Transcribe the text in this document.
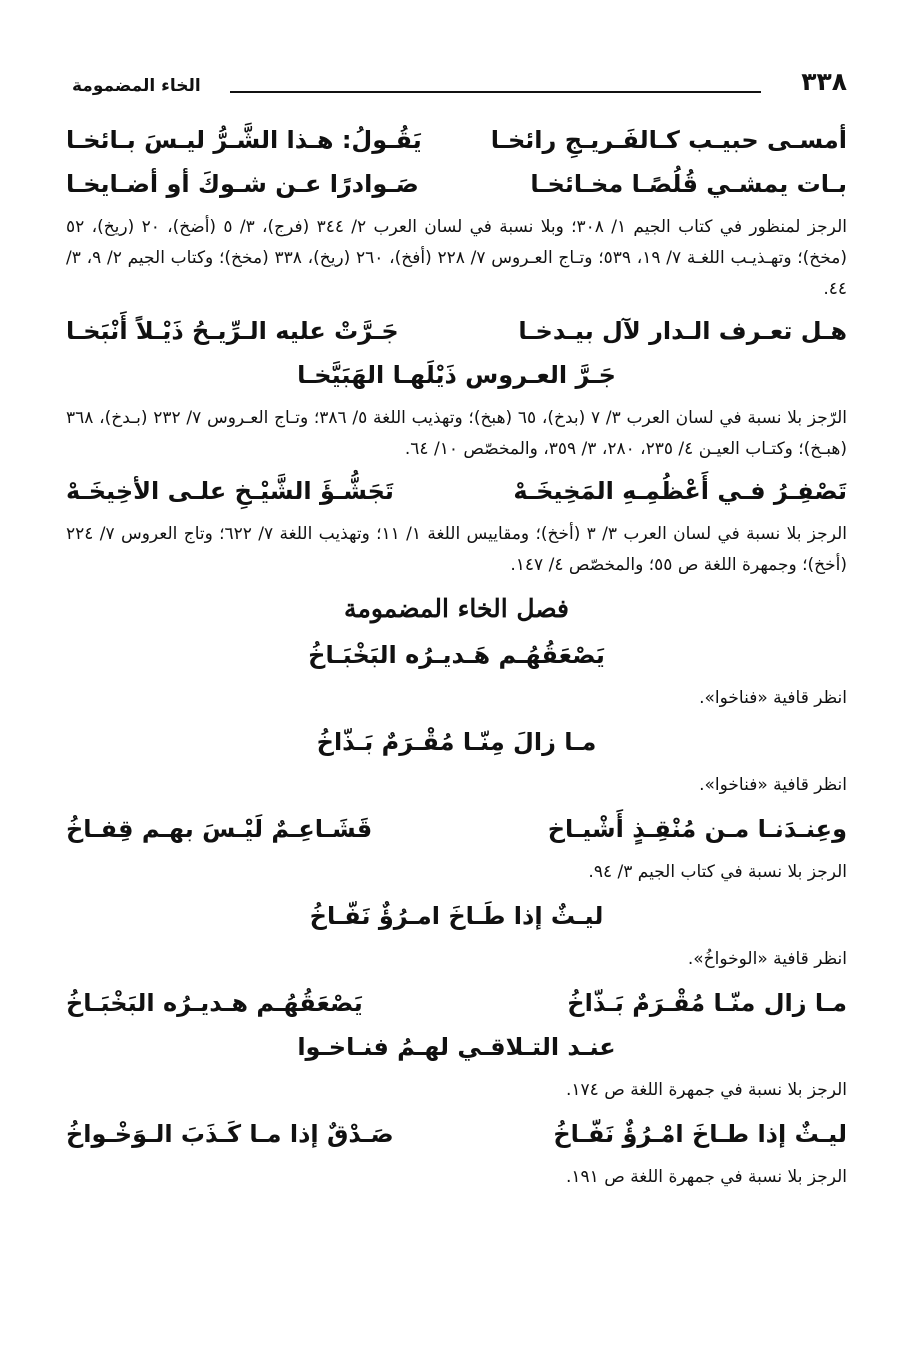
٣٣٨
الخاء المضمومة
أمسـى حبيـب كـالفَـريـجِ رائخـا
يَقُـولُ: هـذا الشَّـرُّ ليـسَ بـائخـا
بـات يمشـي قُلُصًـا مخـائخـا
صَـوادرًا عـن شـوكَ أو أضـايخـا

الرجز لمنظور في كتاب الجيم ١/ ٣٠٨؛ وبلا نسبة في لسان العرب ٢/ ٣٤٤ (فرج)، ٣/ ٥ (أضخ)، ٢٠ (ريخ)، ٥٢ (مخخ)؛ وتهـذيـب اللغـة ٧/ ١٩، ٥٣٩؛ وتـاج العـروس ٧/ ٢٢٨ (أفخ)، ٢٦٠ (ريخ)، ٣٣٨ (مخخ)؛ وكتاب الجيم ٢/ ٩، ٣/ ٤٤.

هـل تعـرف الـدار لآل بيـدخـا
جَـرَّتْ عليه الـرِّيـحُ ذَيْـلاً أَنْبَخـا
جَـرَّ العـروس ذَيْلَهـا الهَبَيَّخـا

الرّجز بلا نسبة في لسان العرب ٣/ ٧ (بدخ)، ٦٥ (هبخ)؛ وتهذيب اللغة ٥/ ٣٨٦؛ وتـاج العـروس ٧/ ٢٣٢ (بـدخ)، ٣٦٨ (هبـخ)؛ وكتـاب العيـن ٤/ ٢٣٥، ٢٨٠، ٣/ ٣٥٩، والمخصّص ١٠/ ٦٤.

تَصْفِـرُ فـي أَعْظُمِـهِ المَخِيخَـهْ
تَجَشُّـؤَ الشَّيْـخِ علـى الأخِيخَـهْ

الرجز بلا نسبة في لسان العرب ٣/ ٣ (أخخ)؛ ومقاييس اللغة ١/ ١١؛ وتهذيب اللغة ٧/ ٦٢٢؛ وتاج العروس ٧/ ٢٢٤ (أخخ)؛ وجمهرة اللغة ص ٥٥؛ والمخصّص ٤/ ١٤٧.

فصل الخاء المضمومة
يَصْعَقُهُـم هَـديـرُه البَخْبَـاخُ

انظر قافية «فناخوا».

مـا زالَ مِنّـا مُقْـرَمٌ بَـذّاخُ

انظر قافية «فناخوا».

وعِنـدَنـا مـن مُنْقِـذٍ أَشْيـاخ
قَشَـاعِـمٌ لَيْـسَ بهـم قِفـاخُ

الرجز بلا نسبة في كتاب الجيم ٣/ ٩٤.

ليـثٌ إذا طَـاخَ امـرُؤٌ نَفّـاخُ

انظر قافية «الوخواخُ».

مـا زال منّـا مُقْـرَمٌ بَـذّاخُ
يَصْعَقُهُـم هـديـرُه البَخْبَـاخُ
عنـد التـلاقـي لهـمُ فنـاخـوا

الرجز بلا نسبة في جمهرة اللغة ص ١٧٤.

ليـثٌ إذا طـاخَ امْـرُؤٌ نَفّـاخُ
صَـدْقٌ إذا مـا كَـذَبَ الـوَخْـواخُ

الرجز بلا نسبة في جمهرة اللغة ص ١٩١.
